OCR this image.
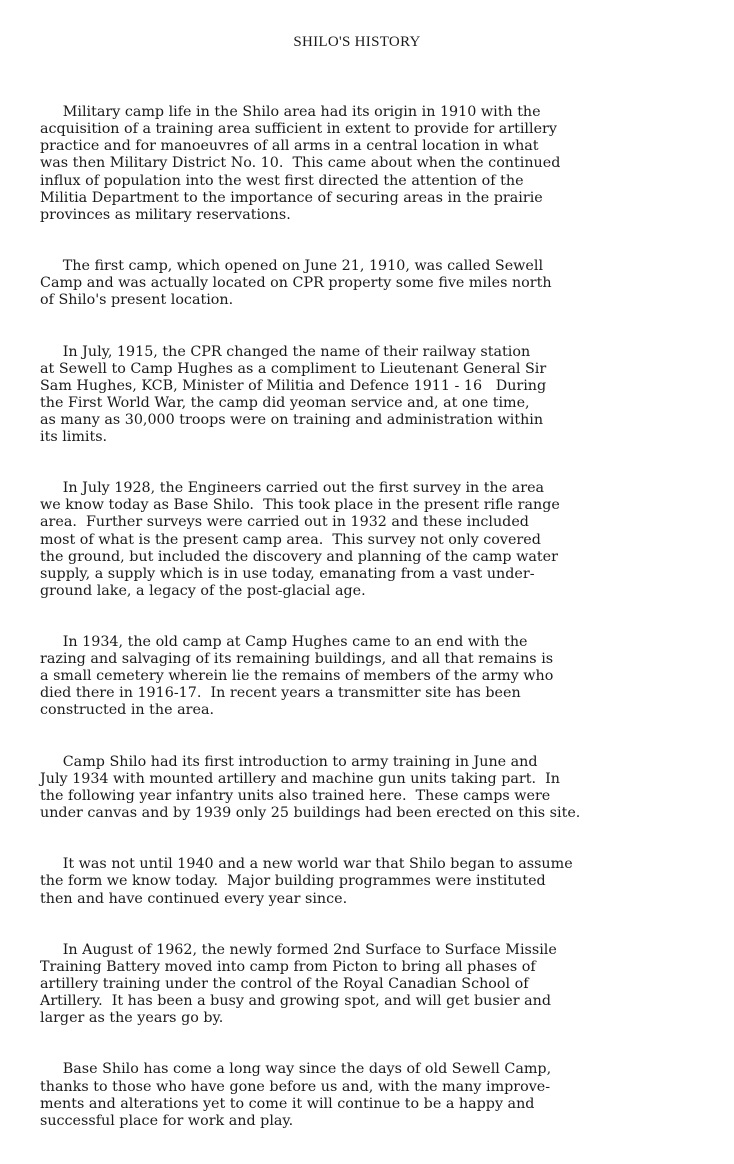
SHILO'S HISTORY

Military camp life in the Shilo area had its origin in 1910 with the
acquisition of a training area sufficient in extent to provide for artillery
practice and for manoeuvres of all arms in a central location in what
was then Military District No. 10.  This came about when the continued
influx of population into the west first directed the attention of the
Militia Department to the importance of securing areas in the prairie
provinces as military reservations.

The first camp, which opened on June 21, 1910, was called Sewell
Camp and was actually located on CPR property some five miles north
of Shilo's present location.

In July, 1915, the CPR changed the name of their railway station
at Sewell to Camp Hughes as a compliment to Lieutenant General Sir
Sam Hughes, KCB, Minister of Militia and Defence 1911 - 16   During
the First World War, the camp did yeoman service and, at one time,
as many as 30,000 troops were on training and administration within
its limits.

In July 1928, the Engineers carried out the first survey in the area
we know today as Base Shilo.  This took place in the present rifle range
area.  Further surveys were carried out in 1932 and these included
most of what is the present camp area.  This survey not only covered
the ground, but included the discovery and planning of the camp water
supply, a supply which is in use today, emanating from a vast under-
ground lake, a legacy of the post-glacial age.

In 1934, the old camp at Camp Hughes came to an end with the
razing and salvaging of its remaining buildings, and all that remains is
a small cemetery wherein lie the remains of members of the army who
died there in 1916-17.  In recent years a transmitter site has been
constructed in the area.

Camp Shilo had its first introduction to army training in June and
July 1934 with mounted artillery and machine gun units taking part.  In
the following year infantry units also trained here.  These camps were
under canvas and by 1939 only 25 buildings had been erected on this site.

It was not until 1940 and a new world war that Shilo began to assume
the form we know today.  Major building programmes were instituted
then and have continued every year since.

In August of 1962, the newly formed 2nd Surface to Surface Missile
Training Battery moved into camp from Picton to bring all phases of
artillery training under the control of the Royal Canadian School of
Artillery.  It has been a busy and growing spot, and will get busier and
larger as the years go by.

Base Shilo has come a long way since the days of old Sewell Camp,
thanks to those who have gone before us and, with the many improve-
ments and alterations yet to come it will continue to be a happy and
successful place for work and play.
